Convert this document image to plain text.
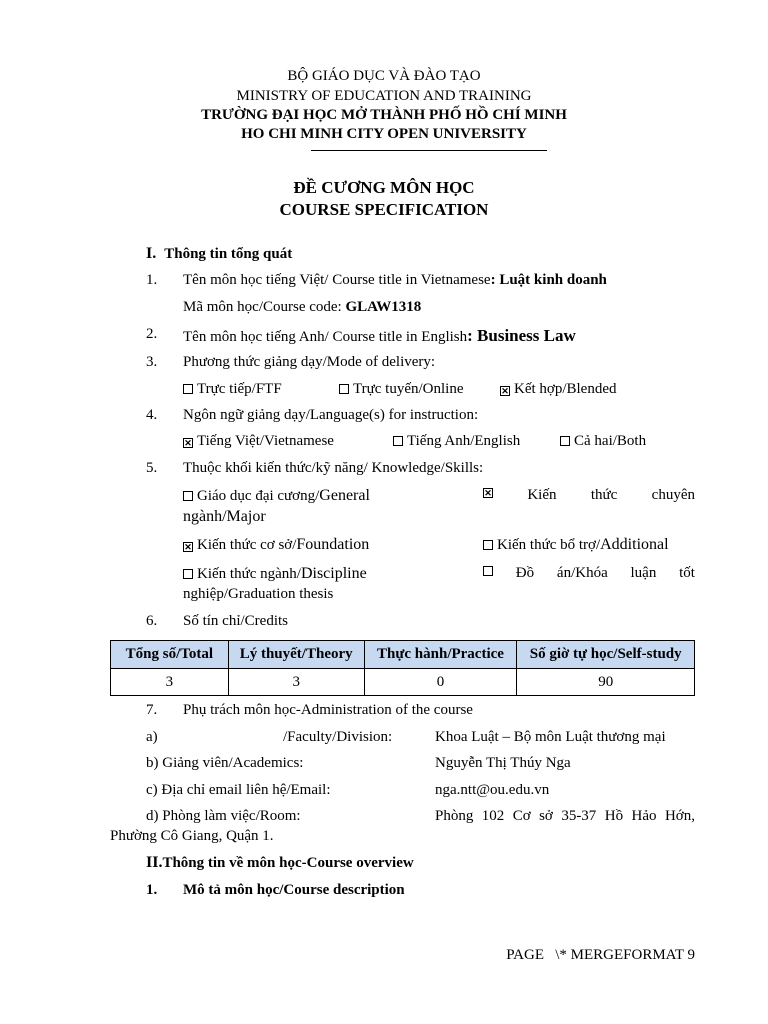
BỘ GIÁO DỤC VÀ ĐÀO TẠO
MINISTRY OF EDUCATION AND TRAINING
TRƯỜNG ĐẠI HỌC MỞ THÀNH PHỐ HỒ CHÍ MINH
HO CHI MINH CITY OPEN UNIVERSITY
ĐỀ CƯƠNG MÔN HỌC
COURSE SPECIFICATION
I. Thông tin tổng quát
1. Tên môn học tiếng Việt/ Course title in Vietnamese: Luật kinh doanh
Mã môn học/Course code: GLAW1318
2. Tên môn học tiếng Anh/ Course title in English: Business Law
3. Phương thức giảng dạy/Mode of delivery:
Trực tiếp/FTF	Trực tuyến/Online	✕ Kết hợp/Blended
4. Ngôn ngữ giảng dạy/Language(s) for instruction:
✕ Tiếng Việt/Vietnamese	Tiếng Anh/English	Cả hai/Both
5. Thuộc khối kiến thức/kỹ năng/ Knowledge/Skills:
Giáo dục đại cương/General	✕ Kiến thức chuyên
ngành/Major
✕ Kiến thức cơ sở/Foundation	Kiến thức bổ trợ/Additional
Kiến thức ngành/Discipline	Đồ án/Khóa luận tốt
nghiệp/Graduation thesis
6. Số tín chỉ/Credits
Tổng số/Total	Lý thuyết/Theory	Thực hành/Practice	Số giờ tự học/Self-study
3	3	0	90
7. Phụ trách môn học-Administration of the course
a)	/Faculty/Division:	Khoa Luật – Bộ môn Luật thương mại
b) Giảng viên/Academics:	Nguyễn Thị Thúy Nga
c) Địa chỉ email liên hệ/Email:	nga.ntt@ou.edu.vn
d) Phòng làm việc/Room:	Phòng 102 Cơ sở 35-37 Hồ Hảo Hớn,
Phường Cô Giang, Quận 1.
II.Thông tin về môn học-Course overview
1. Mô tả môn học/Course description
PAGE   \* MERGEFORMAT 9
